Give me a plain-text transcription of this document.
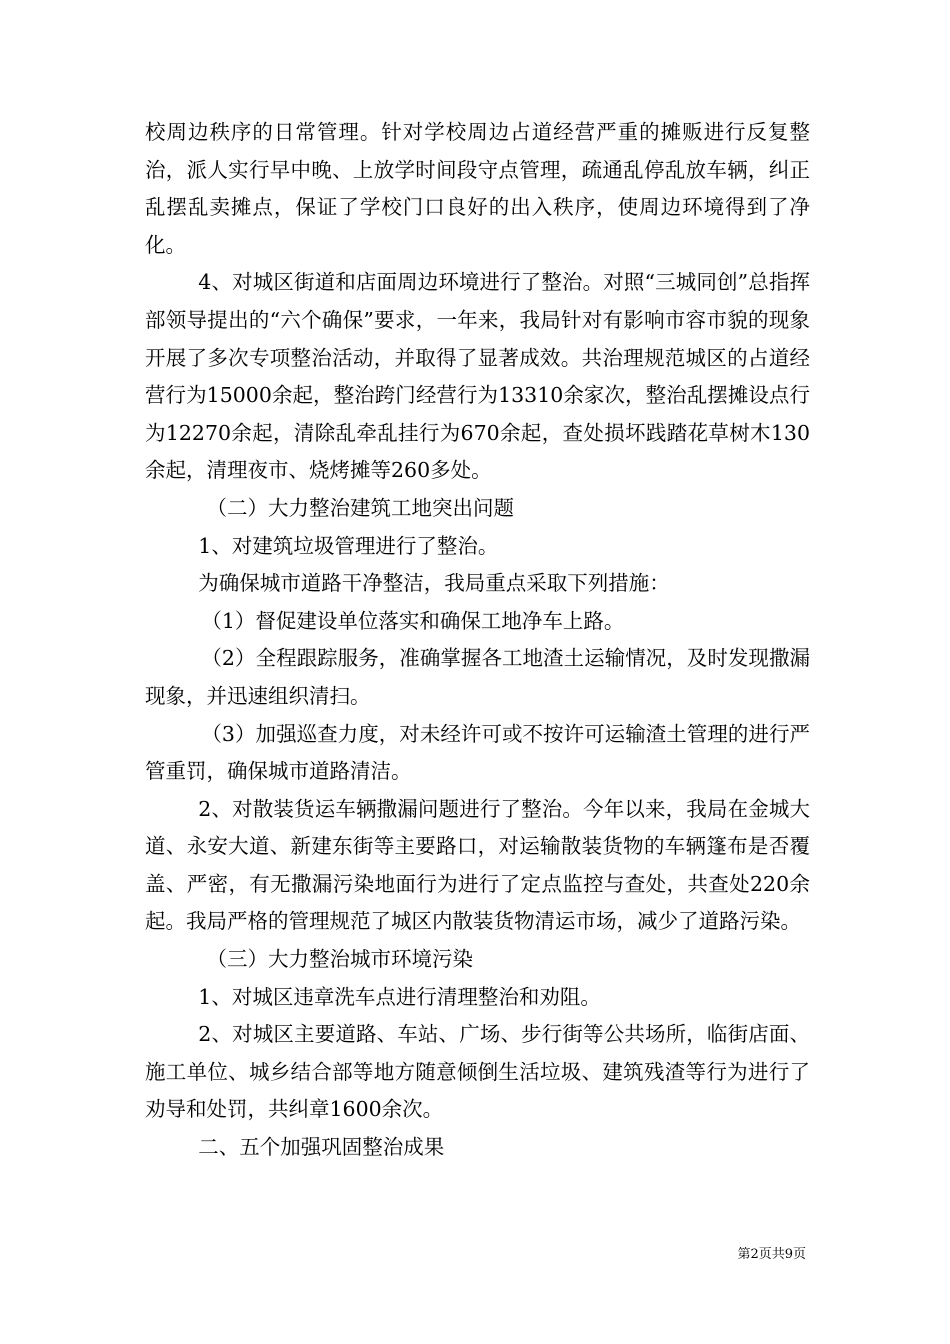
校周边秩序的日常管理。针对学校周边占道经营严重的摊贩进行反复整治，派人实行早中晚、上放学时间段守点管理，疏通乱停乱放车辆，纠正乱摆乱卖摊点，保证了学校门口良好的出入秩序，使周边环境得到了净化。

4、对城区街道和店面周边环境进行了整治。对照“三城同创”总指挥部领导提出的“六个确保”要求，一年来，我局针对有影响市容市貌的现象开展了多次专项整治活动，并取得了显著成效。共治理规范城区的占道经营行为15000余起，整治跨门经营行为13310余家次，整治乱摆摊设点行为12270余起，清除乱牵乱挂行为670余起，查处损坏践踏花草树木130余起，清理夜市、烧烤摊等260多处。

（二）大力整治建筑工地突出问题

1、对建筑垃圾管理进行了整治。

为确保城市道路干净整洁，我局重点采取下列措施：

（1）督促建设单位落实和确保工地净车上路。

（2）全程跟踪服务，准确掌握各工地渣土运输情况，及时发现撒漏现象，并迅速组织清扫。

（3）加强巡查力度，对未经许可或不按许可运输渣土管理的进行严管重罚，确保城市道路清洁。

2、对散装货运车辆撒漏问题进行了整治。今年以来，我局在金城大道、永安大道、新建东街等主要路口，对运输散装货物的车辆篷布是否覆盖、严密，有无撒漏污染地面行为进行了定点监控与查处，共查处220余起。我局严格的管理规范了城区内散装货物清运市场，减少了道路污染。

（三）大力整治城市环境污染

1、对城区违章洗车点进行清理整治和劝阻。

2、对城区主要道路、车站、广场、步行街等公共场所，临街店面、施工单位、城乡结合部等地方随意倾倒生活垃圾、建筑残渣等行为进行了劝导和处罚，共纠章1600余次。

二、五个加强巩固整治成果

第2页共9页
